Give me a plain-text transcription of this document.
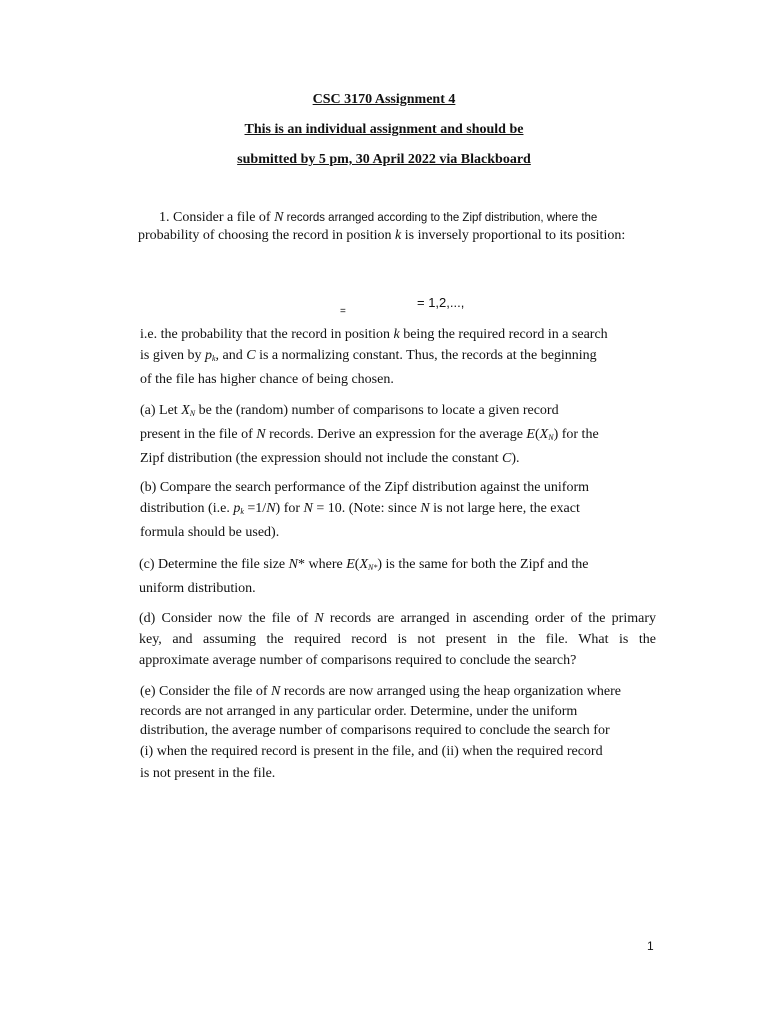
CSC 3170 Assignment 4
This is an individual assignment and should be
submitted by 5 pm, 30 April 2022 via Blackboard
1. Consider a file of N records arranged according to the Zipf distribution, where the
probability of choosing the record in position k is inversely proportional to its position:
=
= 1,2,...,
i.e. the probability that the record in position k being the required record in a search
is given by $p_k$, and C is a normalizing constant. Thus, the records at the beginning
of the file has higher chance of being chosen.
(a) Let $X_N$ be the (random) number of comparisons to locate a given record
present in the file of N records. Derive an expression for the average $E(X_N)$ for the
Zipf distribution (the expression should not include the constant C).
(b) Compare the search performance of the Zipf distribution against the uniform
distribution (i.e. $p_k =1/N$) for N = 10. (Note: since N is not large here, the exact
formula should be used).
(c) Determine the file size N* where $E(X_{N*})$ is the same for both the Zipf and the
uniform distribution.
(d) Consider now the file of N records are arranged in ascending order of the primary
key, and assuming the required record is not present in the file. What is the
approximate average number of comparisons required to conclude the search?
(e) Consider the file of N records are now arranged using the heap organization where
records are not arranged in any particular order. Determine, under the uniform
distribution, the average number of comparisons required to conclude the search for
(i) when the required record is present in the file, and (ii) when the required record
is not present in the file.
1
